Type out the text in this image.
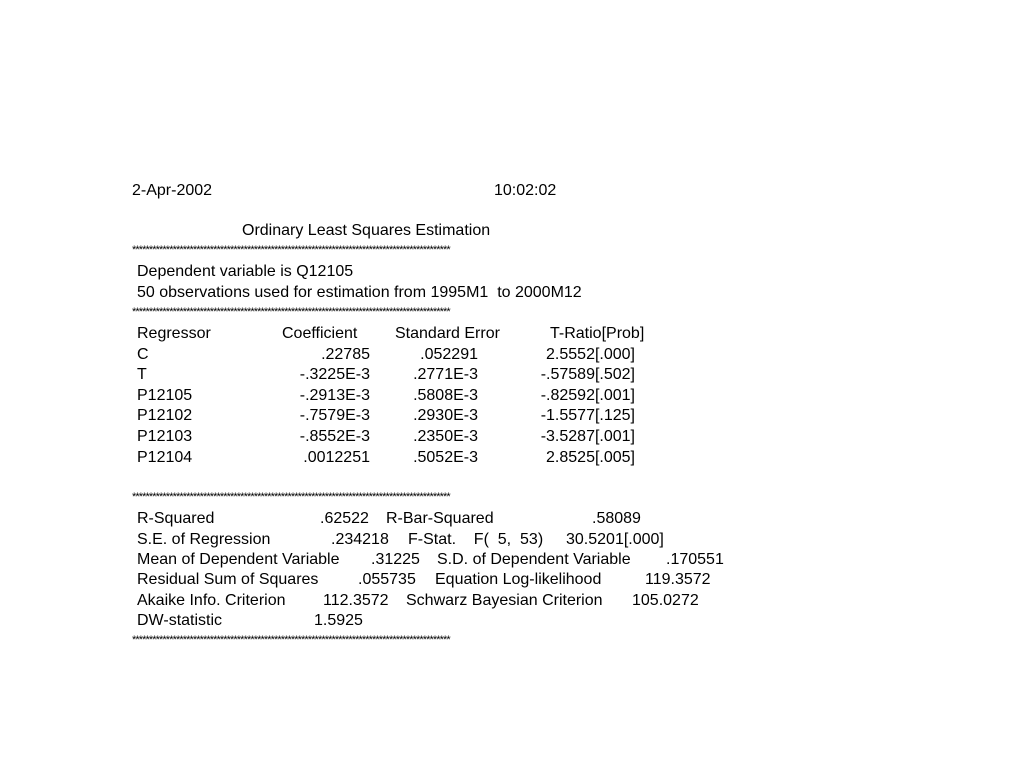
2-Apr-2002	10:02:02
Ordinary Least Squares Estimation
**********************************************************************************************
Dependent variable is Q12105
50 observations used for estimation from 1995M1  to 2000M12
**********************************************************************************************
Regressor	Coefficient Standard Error	T-Ratio[Prob]
C	.22785	.052291	2.5552[.000]
T	-.3225E-3	.2771E-3	-.57589[.502]
P12105	-.2913E-3	.5808E-3	-.82592[.001]
P12102	-.7579E-3	.2930E-3	-1.5577[.125]
P12103	-.8552E-3	.2350E-3	-3.5287[.001]
P12104	.0012251	.5052E-3	2.8525[.005]
**********************************************************************************************
R-Squared	.62522 R-Bar-Squared	.58089
S.E. of Regression	.234218 F-Stat.    F(  5,  53) 30.5201[.000]
Mean of Dependent Variable .31225 S.D. of Dependent Variable .170551
Residual Sum of Squares .055735 Equation Log-likelihood	119.3572
Akaike Info. Criterion 112.3572 Schwarz Bayesian Criterion 105.0272
DW-statistic	1.5925
**********************************************************************************************
